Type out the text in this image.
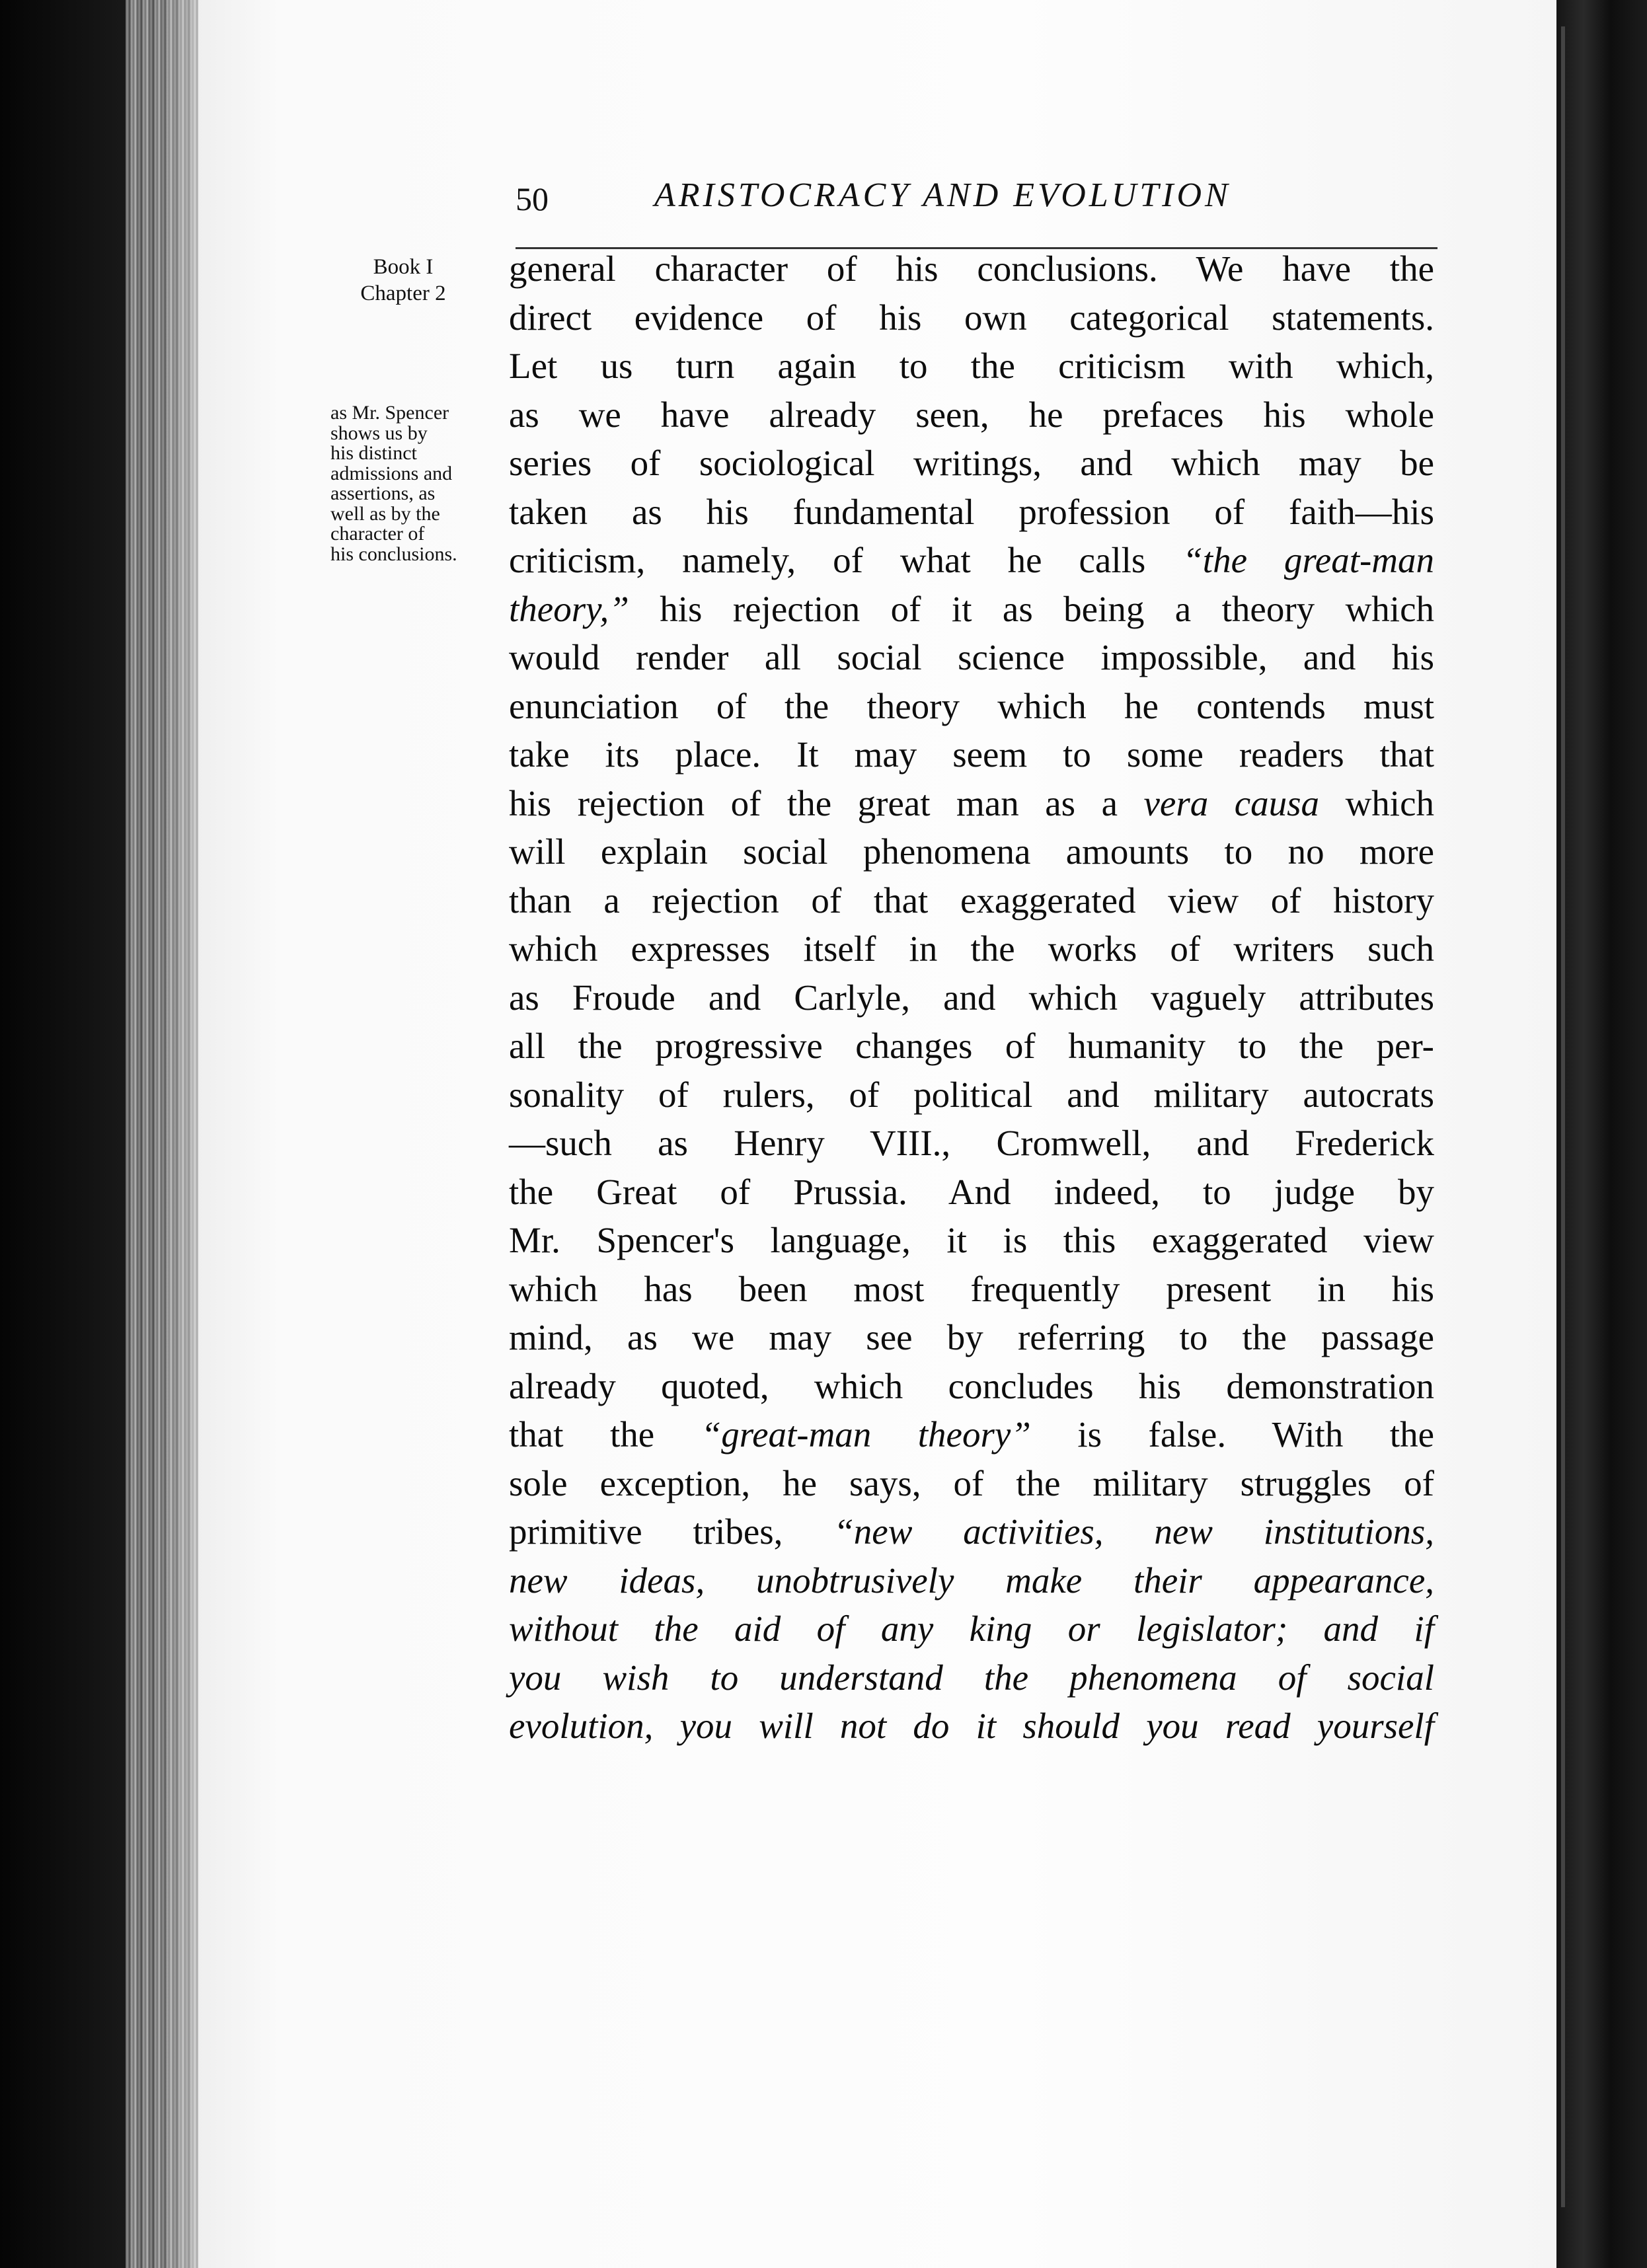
50	ARISTOCRACY AND EVOLUTION
Book I
Chapter 2
as Mr. Spencer
shows us by
his distinct
admissions and
assertions, as
well as by the
character of
his conclusions.
general character of his conclusions. We have the
direct evidence of his own categorical statements.
Let us turn again to the criticism with which,
as we have already seen, he prefaces his whole
series of sociological writings, and which may be
taken as his fundamental profession of faith—his
criticism, namely, of what he calls “the great-man
theory,” his rejection of it as being a theory which
would render all social science impossible, and his
enunciation of the theory which he contends must
take its place. It may seem to some readers that
his rejection of the great man as a vera causa which
will explain social phenomena amounts to no more
than a rejection of that exaggerated view of history
which expresses itself in the works of writers such
as Froude and Carlyle, and which vaguely attributes
all the progressive changes of humanity to the per-
sonality of rulers, of political and military autocrats
—such as Henry VIII., Cromwell, and Frederick
the Great of Prussia. And indeed, to judge by
Mr. Spencer's language, it is this exaggerated view
which has been most frequently present in his
mind, as we may see by referring to the passage
already quoted, which concludes his demonstration
that the “great-man theory” is false. With the
sole exception, he says, of the military struggles of
primitive tribes, “new activities, new institutions,
new ideas, unobtrusively make their appearance,
without the aid of any king or legislator; and if
you wish to understand the phenomena of social
evolution, you will not do it should you read yourself
